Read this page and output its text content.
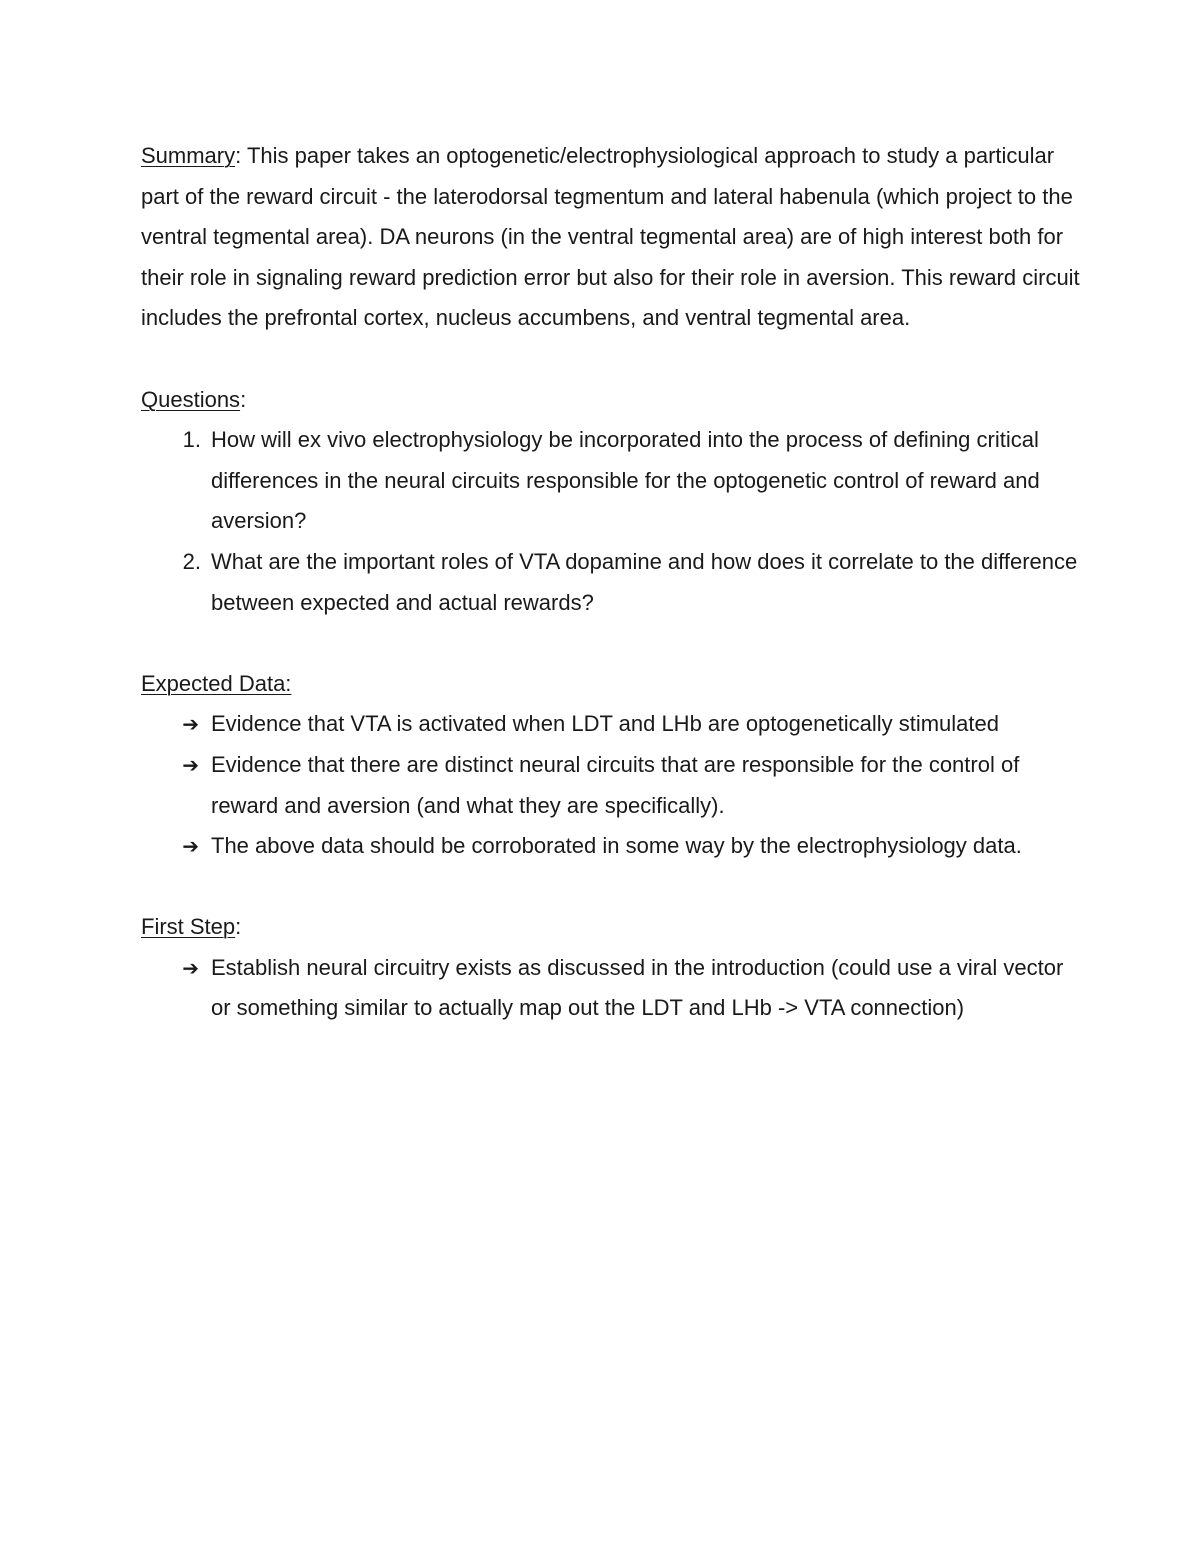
Summary: This paper takes an optogenetic/electrophysiological approach to study a particular part of the reward circuit - the laterodorsal tegmentum and lateral habenula (which project to the ventral tegmental area). DA neurons (in the ventral tegmental area) are of high interest both for their role in signaling reward prediction error but also for their role in aversion. This reward circuit includes the prefrontal cortex, nucleus accumbens, and ventral tegmental area.

Questions:

1. How will ex vivo electrophysiology be incorporated into the process of defining critical differences in the neural circuits responsible for the optogenetic control of reward and aversion?
2. What are the important roles of VTA dopamine and how does it correlate to the difference between expected and actual rewards?

Expected Data:

➔ Evidence that VTA is activated when LDT and LHb are optogenetically stimulated
➔ Evidence that there are distinct neural circuits that are responsible for the control of reward and aversion (and what they are specifically).
➔ The above data should be corroborated in some way by the electrophysiology data.

First Step:

➔ Establish neural circuitry exists as discussed in the introduction (could use a viral vector or something similar to actually map out the LDT and LHb -> VTA connection)
